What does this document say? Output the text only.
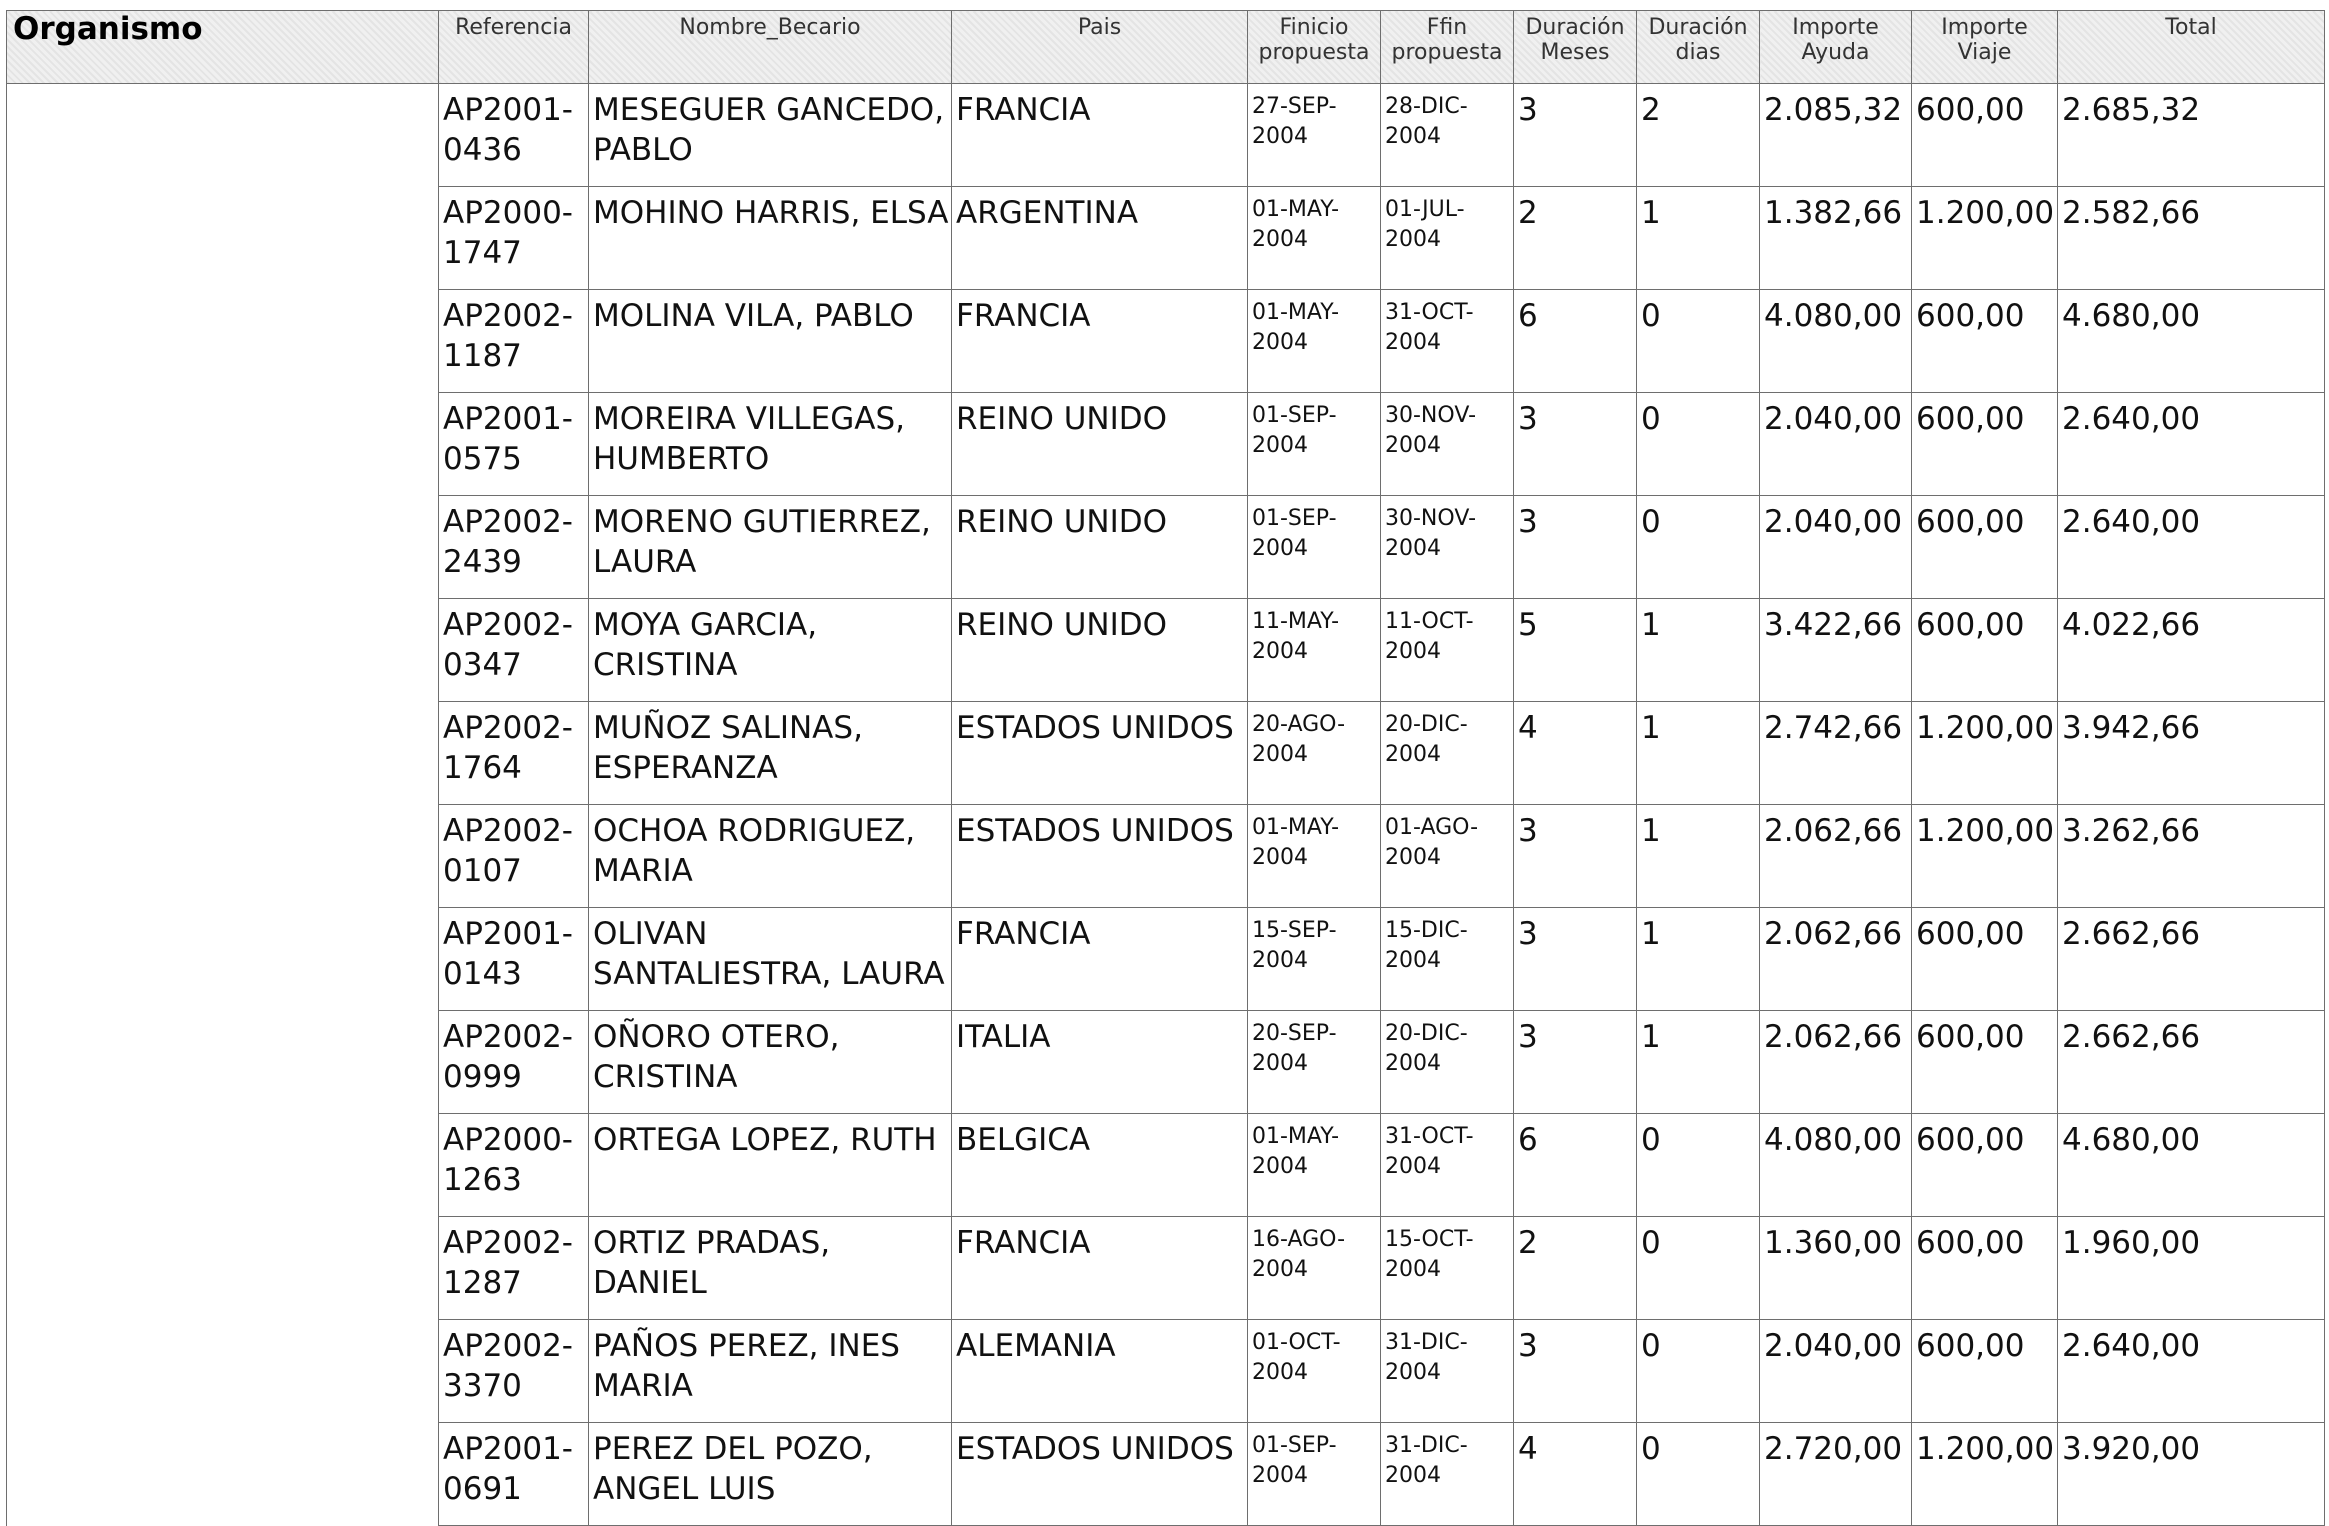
Organismo	Referencia	Nombre_Becario	Pais	Finicio propuesta	Ffin propuesta	Duración Meses	Duración dias	Importe Ayuda	Importe Viaje	Total

	AP2001-0436	MESEGUER GANCEDO, PABLO	FRANCIA	27-SEP-2004	28-DIC-2004	3	2	2.085,32	600,00	2.685,32
	AP2000-1747	MOHINO HARRIS, ELSA	ARGENTINA	01-MAY-2004	01-JUL-2004	2	1	1.382,66	1.200,00	2.582,66
	AP2002-1187	MOLINA VILA, PABLO	FRANCIA	01-MAY-2004	31-OCT-2004	6	0	4.080,00	600,00	4.680,00
	AP2001-0575	MOREIRA VILLEGAS, HUMBERTO	REINO UNIDO	01-SEP-2004	30-NOV-2004	3	0	2.040,00	600,00	2.640,00
	AP2002-2439	MORENO GUTIERREZ, LAURA	REINO UNIDO	01-SEP-2004	30-NOV-2004	3	0	2.040,00	600,00	2.640,00
	AP2002-0347	MOYA GARCIA, CRISTINA	REINO UNIDO	11-MAY-2004	11-OCT-2004	5	1	3.422,66	600,00	4.022,66
	AP2002-1764	MUÑOZ SALINAS, ESPERANZA	ESTADOS UNIDOS	20-AGO-2004	20-DIC-2004	4	1	2.742,66	1.200,00	3.942,66
	AP2002-0107	OCHOA RODRIGUEZ, MARIA	ESTADOS UNIDOS	01-MAY-2004	01-AGO-2004	3	1	2.062,66	1.200,00	3.262,66
	AP2001-0143	OLIVAN SANTALIESTRA, LAURA	FRANCIA	15-SEP-2004	15-DIC-2004	3	1	2.062,66	600,00	2.662,66
	AP2002-0999	OÑORO OTERO, CRISTINA	ITALIA	20-SEP-2004	20-DIC-2004	3	1	2.062,66	600,00	2.662,66
	AP2000-1263	ORTEGA LOPEZ, RUTH	BELGICA	01-MAY-2004	31-OCT-2004	6	0	4.080,00	600,00	4.680,00
	AP2002-1287	ORTIZ PRADAS, DANIEL	FRANCIA	16-AGO-2004	15-OCT-2004	2	0	1.360,00	600,00	1.960,00
	AP2002-3370	PAÑOS PEREZ, INES MARIA	ALEMANIA	01-OCT-2004	31-DIC-2004	3	0	2.040,00	600,00	2.640,00
	AP2001-0691	PEREZ DEL POZO, ANGEL LUIS	ESTADOS UNIDOS	01-SEP-2004	31-DIC-2004	4	0	2.720,00	1.200,00	3.920,00
